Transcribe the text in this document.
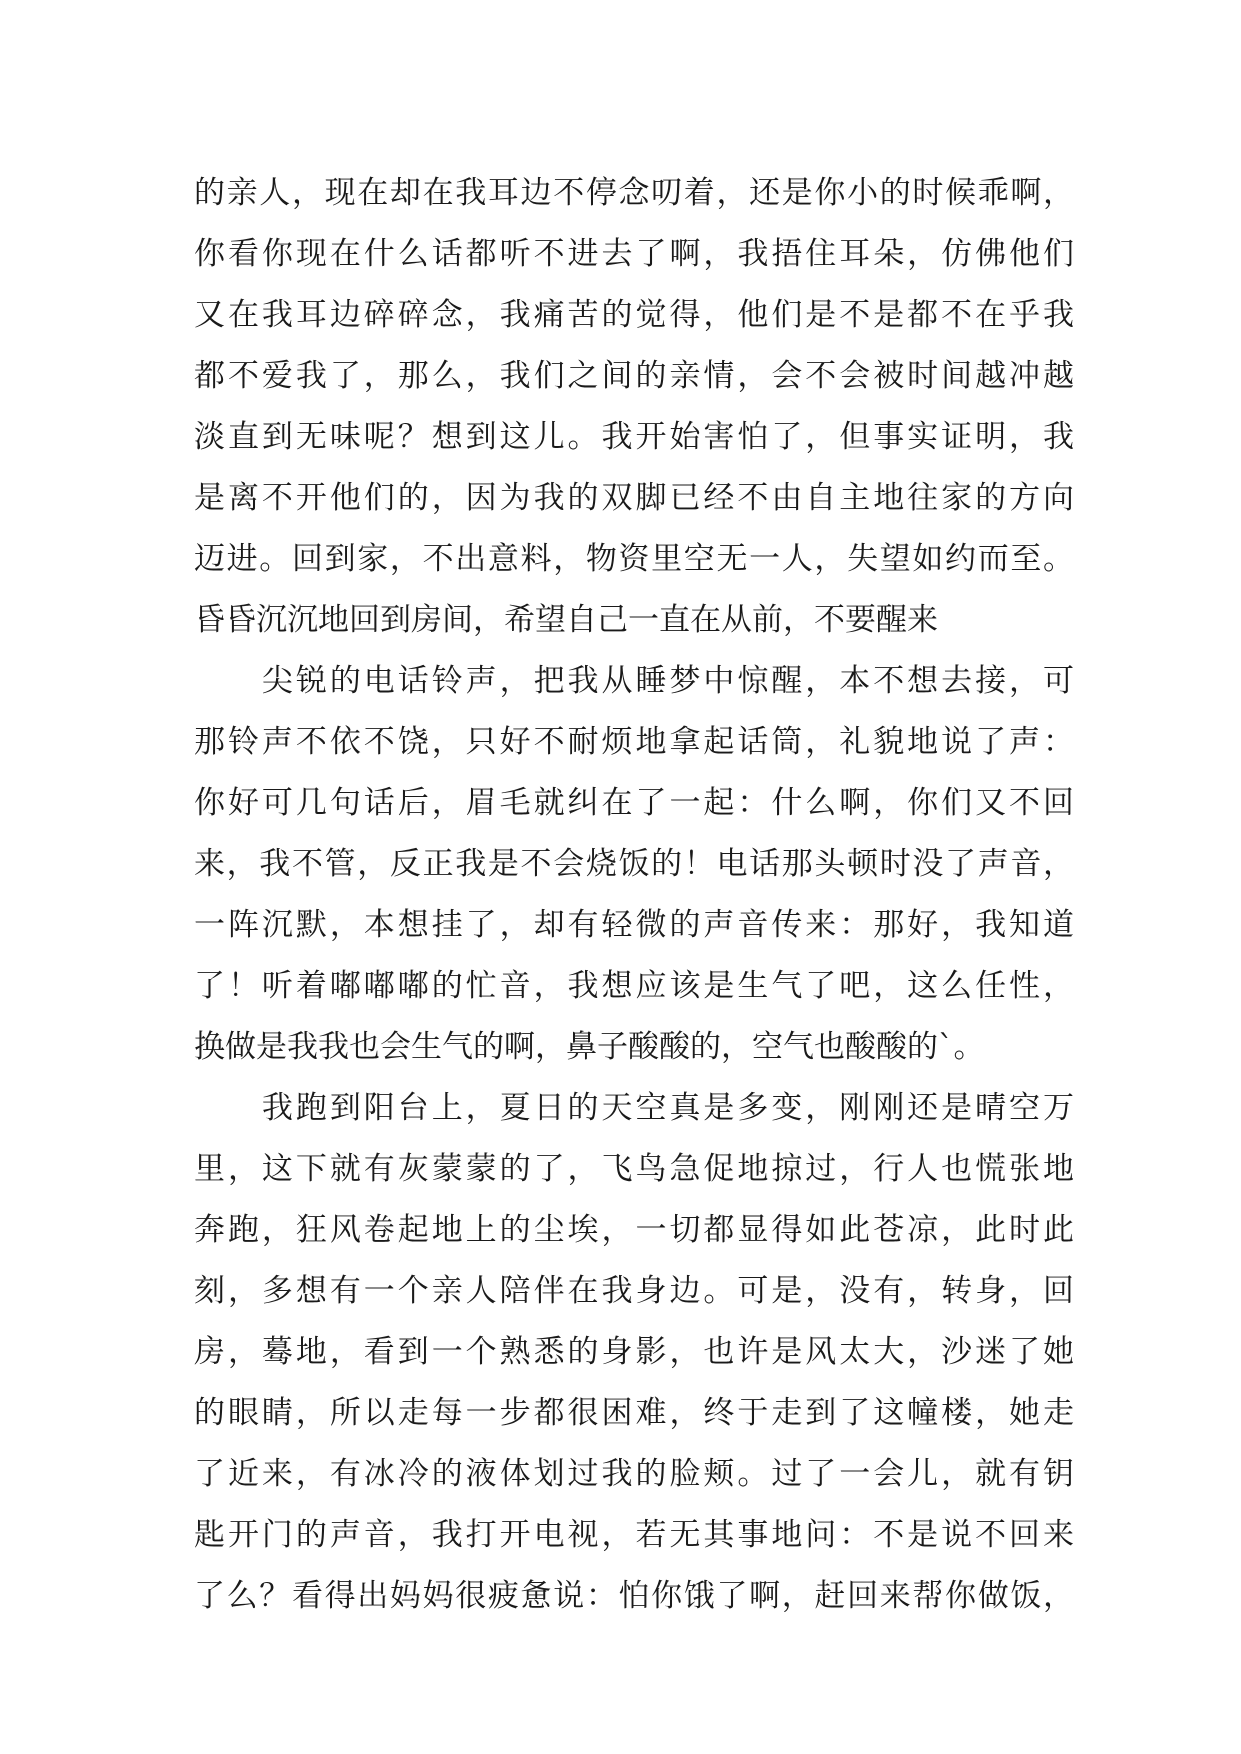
的亲人，现在却在我耳边不停念叨着，还是你小的时候乖啊，
你看你现在什么话都听不进去了啊，我捂住耳朵，仿佛他们
又在我耳边碎碎念，我痛苦的觉得，他们是不是都不在乎我
都不爱我了，那么，我们之间的亲情，会不会被时间越冲越
淡直到无味呢？想到这儿。我开始害怕了，但事实证明，我
是离不开他们的，因为我的双脚已经不由自主地往家的方向
迈进。回到家，不出意料，物资里空无一人，失望如约而至。
昏昏沉沉地回到房间，希望自己一直在从前，不要醒来
　　尖锐的电话铃声，把我从睡梦中惊醒，本不想去接，可
那铃声不依不饶，只好不耐烦地拿起话筒，礼貌地说了声：
你好可几句话后，眉毛就纠在了一起：什么啊，你们又不回
来，我不管，反正我是不会烧饭的！电话那头顿时没了声音，
一阵沉默，本想挂了，却有轻微的声音传来：那好，我知道
了！听着嘟嘟嘟的忙音，我想应该是生气了吧，这么任性，
换做是我我也会生气的啊，鼻子酸酸的，空气也酸酸的`。
　　我跑到阳台上，夏日的天空真是多变，刚刚还是晴空万
里，这下就有灰蒙蒙的了，飞鸟急促地掠过，行人也慌张地
奔跑，狂风卷起地上的尘埃，一切都显得如此苍凉，此时此
刻，多想有一个亲人陪伴在我身边。可是，没有，转身，回
房，蓦地，看到一个熟悉的身影，也许是风太大，沙迷了她
的眼睛，所以走每一步都很困难，终于走到了这幢楼，她走
了近来，有冰冷的液体划过我的脸颊。过了一会儿，就有钥
匙开门的声音，我打开电视，若无其事地问：不是说不回来
了么？看得出妈妈很疲惫说：怕你饿了啊，赶回来帮你做饭，
